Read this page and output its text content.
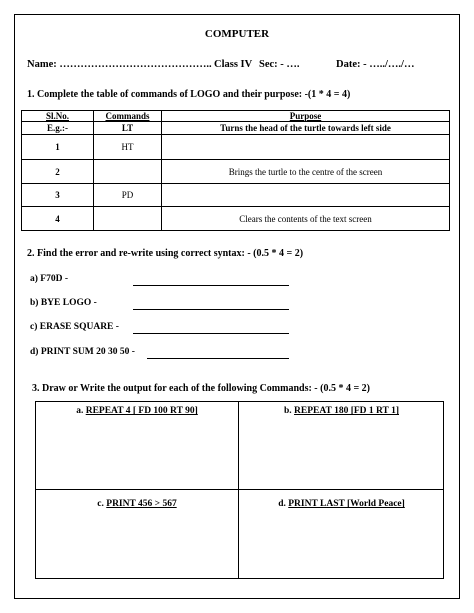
COMPUTER
Name: …………………………………….. Class IV Sec: - ….	Date: - …../…./…
1. Complete the table of commands of LOGO and their purpose: -(1 * 4 = 4)
Sl.No.	Commands	Purpose
E.g.:-	LT	Turns the head of the turtle towards left side
1	HT	
2		Brings the turtle to the centre of the screen
3	PD	
4		Clears the contents of the text screen
2. Find the error and re-write using correct syntax: - (0.5 * 4 = 2)
a) F70D -
b) BYE LOGO -
c) ERASE SQUARE -
d) PRINT SUM 20 30 50 -
3. Draw or Write the output for each of the following Commands: - (0.5 * 4 = 2)
a. REPEAT 4 [ FD 100 RT 90]	b. REPEAT 180 [FD 1 RT 1]
c. PRINT 456 > 567	d. PRINT LAST [World Peace]
